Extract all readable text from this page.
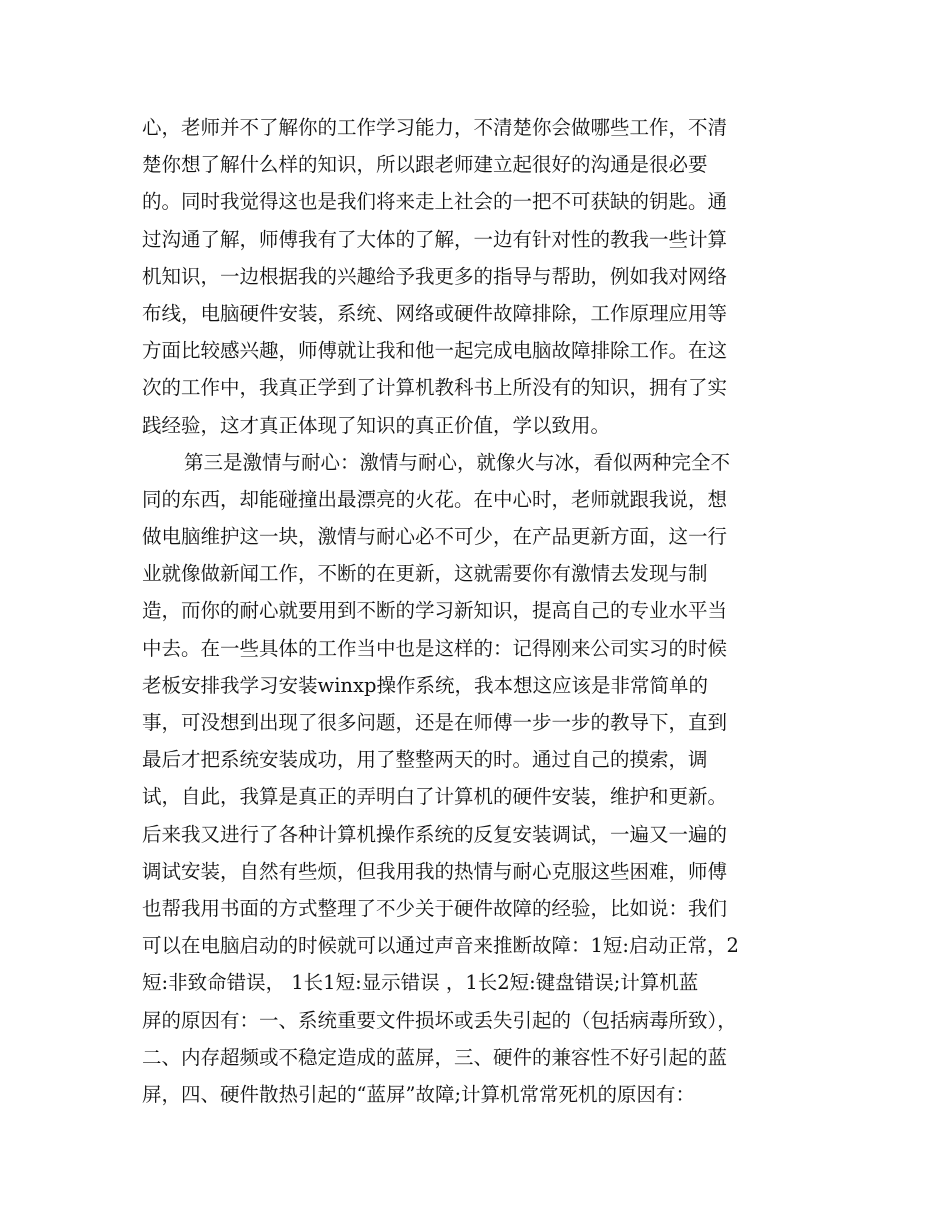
心，老师并不了解你的工作学习能力，不清楚你会做哪些工作，不清
楚你想了解什么样的知识，所以跟老师建立起很好的沟通是很必要
的。同时我觉得这也是我们将来走上社会的一把不可获缺的钥匙。通
过沟通了解，师傅我有了大体的了解，一边有针对性的教我一些计算
机知识，一边根据我的兴趣给予我更多的指导与帮助，例如我对网络
布线，电脑硬件安装，系统、网络或硬件故障排除，工作原理应用等
方面比较感兴趣，师傅就让我和他一起完成电脑故障排除工作。在这
次的工作中，我真正学到了计算机教科书上所没有的知识，拥有了实
践经验，这才真正体现了知识的真正价值，学以致用。
第三是激情与耐心：激情与耐心，就像火与冰，看似两种完全不
同的东西，却能碰撞出最漂亮的火花。在中心时，老师就跟我说，想
做电脑维护这一块，激情与耐心必不可少，在产品更新方面，这一行
业就像做新闻工作，不断的在更新，这就需要你有激情去发现与制
造，而你的耐心就要用到不断的学习新知识，提高自己的专业水平当
中去。在一些具体的工作当中也是这样的：记得刚来公司实习的时候
老板安排我学习安装winxp操作系统，我本想这应该是非常简单的
事，可没想到出现了很多问题，还是在师傅一步一步的教导下，直到
最后才把系统安装成功，用了整整两天的时。通过自己的摸索，调
试，自此，我算是真正的弄明白了计算机的硬件安装，维护和更新。
后来我又进行了各种计算机操作系统的反复安装调试，一遍又一遍的
调试安装，自然有些烦，但我用我的热情与耐心克服这些困难，师傅
也帮我用书面的方式整理了不少关于硬件故障的经验，比如说：我们
可以在电脑启动的时候就可以通过声音来推断故障：1短:启动正常，2
短:非致命错误， 1长1短:显示错误 ，1长2短:键盘错误;计算机蓝
屏的原因有：一、系统重要文件损坏或丢失引起的（包括病毒所致），
二、内存超频或不稳定造成的蓝屏，三、硬件的兼容性不好引起的蓝
屏，四、硬件散热引起的“蓝屏”故障;计算机常常死机的原因有：
